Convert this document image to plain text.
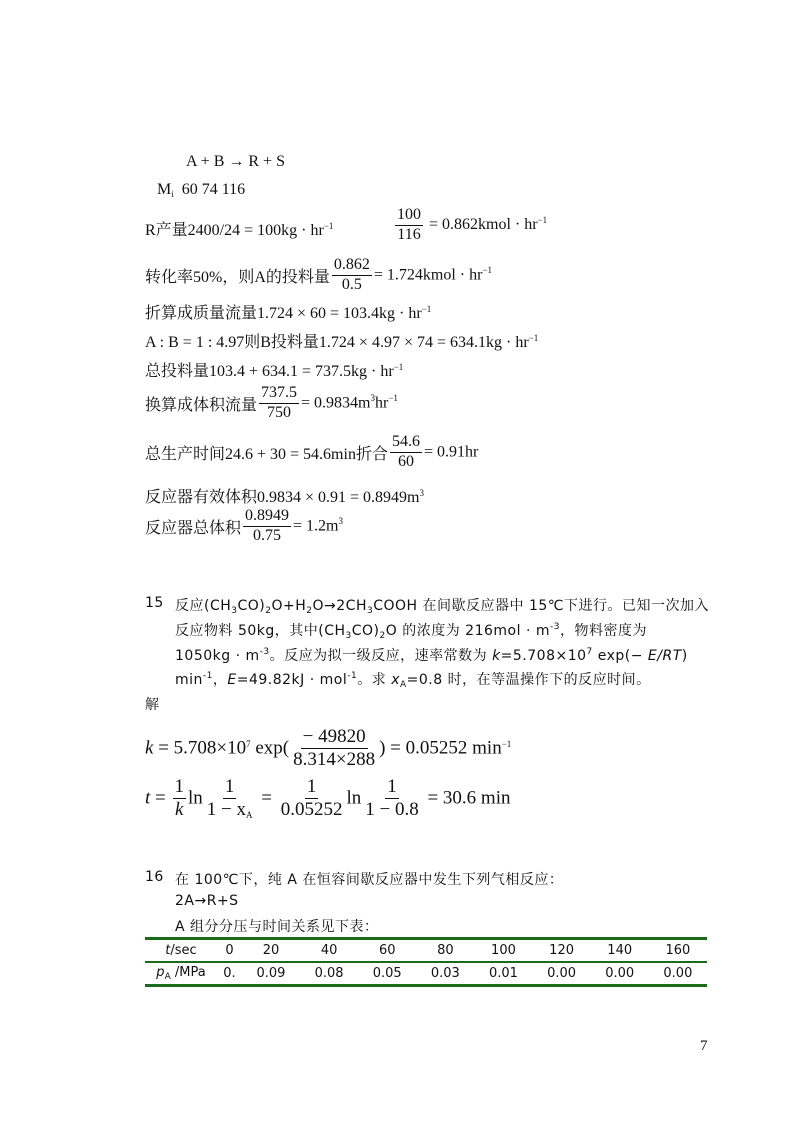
A + B → R + S
$M_i$ 60 74 116
R产量$2400/24 = 100kg \cdot hr^{-1}$	$\frac{100}{116}$ = 0.862kmol · $hr^{-1}$
转化率50%，则A的投料量 $\frac{0.862}{0.5}$ = 1.724kmol · $hr^{-1}$
折算成质量流量$1.724 \times 60 = 103.4kg \cdot hr^{-1}$
A : B = 1 : 4.97则B投料量$1.724 \times 4.97 \times 74 = 634.1kg \cdot hr^{-1}$
总投料量$103.4 + 634.1 = 737.5kg \cdot hr^{-1}$
换算成体积流量 $\frac{737.5}{750} = 0.9834m^3hr^{-1}$
总生产时间24.6 + 30 = 54.6min折合 $\frac{54.6}{60} = 0.91hr$
反应器有效体积$0.9834 \times 0.91 = 0.8949m^3$
反应器总体积 $\frac{0.8949}{0.75} = 1.2m^3$
15 反应$(CH_3CO)_2O+H_2O\to 2CH_3COOH$ 在间歇反应器中 15℃下进行。已知一次加入
反应物料 50kg，其中$(CH_3CO)_2O$ 的浓度为 $216mol \cdot m^{-3}$，物料密度为
$1050kg \cdot m^{-3}$。反应为拟一级反应，速率常数为 $k=5.708\times 10^7$ exp(− E/RT)
$\min^{-1}$，E=49.82kJ · mol$^{-1}$。求 $x_A=0.8$ 时，在等温操作下的反应时间。
解
$k = 5.708\times 10^7$ $\exp( \frac{- 49820}{8.314\times 288}$ ) = 0.05252 $\min^{-1}$
$t = \frac{1}{k}$ $\ln \frac{1}{1 - x_A} = \frac{1}{0.05252}$ $\ln \frac{1}{1 - 0.8} = 30.6$ min
16 在 100℃下，纯 A 在恒容间歇反应器中发生下列气相反应：
2A→R+S
A 组分分压与时间关系见下表：
t/sec	0	20	40	60	80	100	120	140	160
$p_A$ /MPa	0.	0.09	0.08	0.05	0.03	0.01	0.00	0.00	0.00
7
